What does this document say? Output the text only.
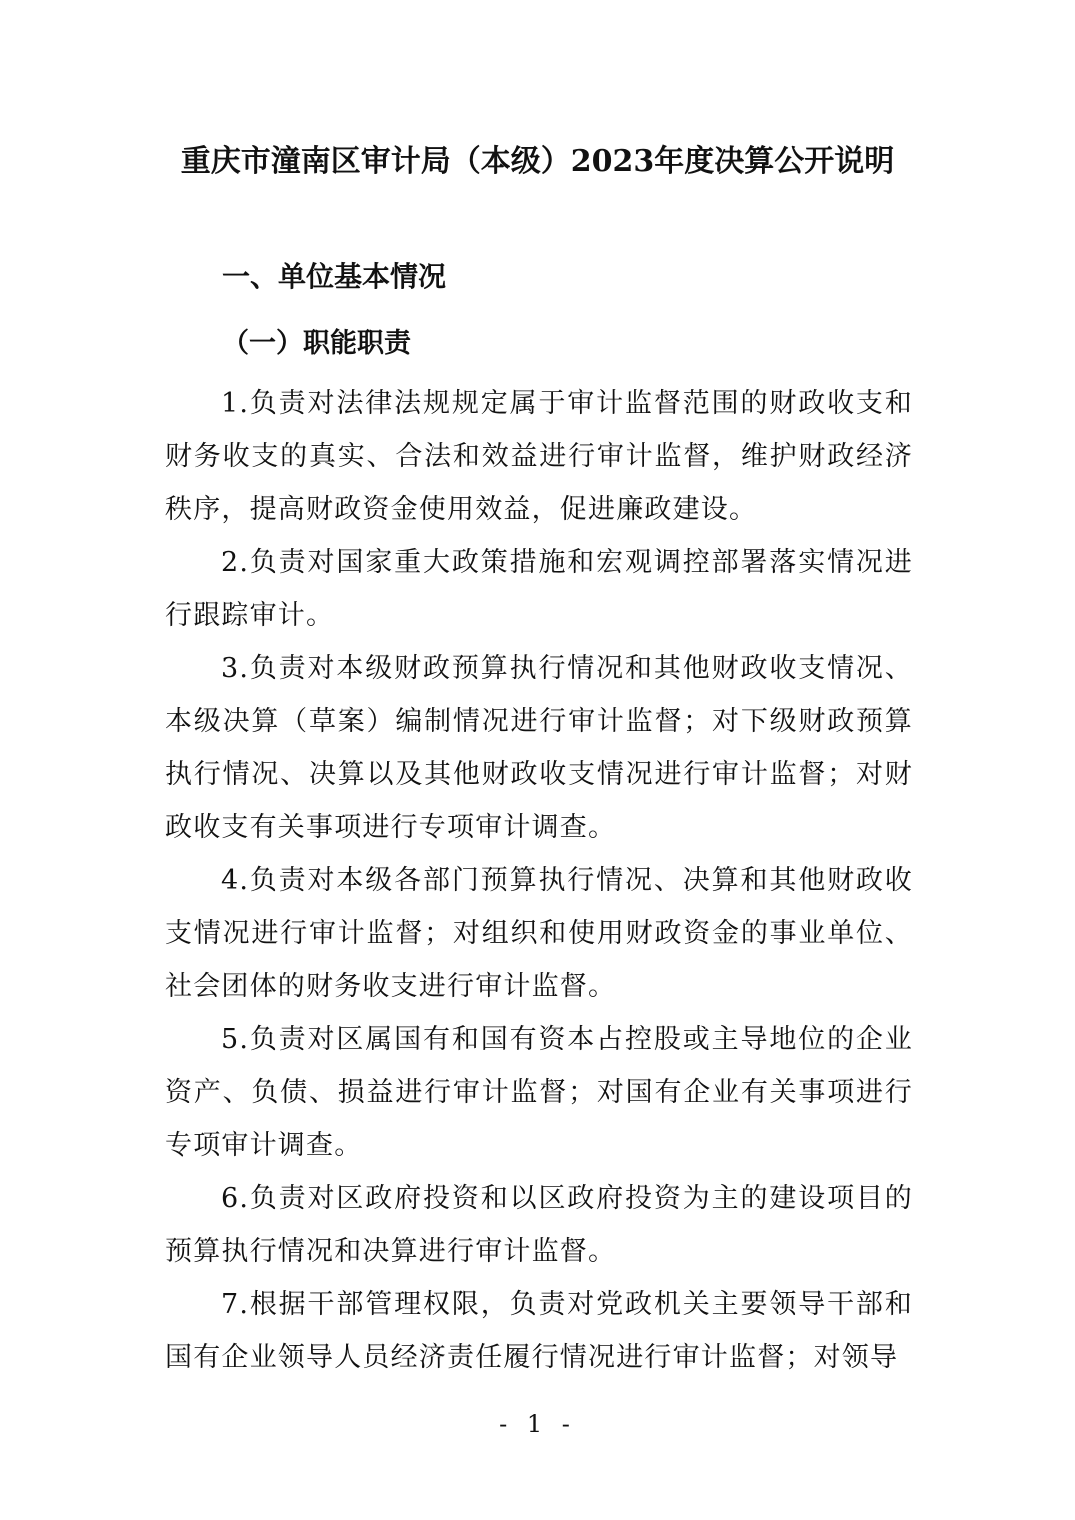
重庆市潼南区审计局（本级）2023年度决算公开说明
一、单位基本情况
（一）职能职责

1.负责对法律法规规定属于审计监督范围的财政收支和财务收支的真实、合法和效益进行审计监督，维护财政经济秩序，提高财政资金使用效益，促进廉政建设。

2.负责对国家重大政策措施和宏观调控部署落实情况进行跟踪审计。

3.负责对本级财政预算执行情况和其他财政收支情况、本级决算（草案）编制情况进行审计监督；对下级财政预算执行情况、决算以及其他财政收支情况进行审计监督；对财政收支有关事项进行专项审计调查。

4.负责对本级各部门预算执行情况、决算和其他财政收支情况进行审计监督；对组织和使用财政资金的事业单位、社会团体的财务收支进行审计监督。

5.负责对区属国有和国有资本占控股或主导地位的企业资产、负债、损益进行审计监督；对国有企业有关事项进行专项审计调查。

6.负责对区政府投资和以区政府投资为主的建设项目的预算执行情况和决算进行审计监督。

7.根据干部管理权限，负责对党政机关主要领导干部和国有企业领导人员经济责任履行情况进行审计监督；对领导

- 1 -
